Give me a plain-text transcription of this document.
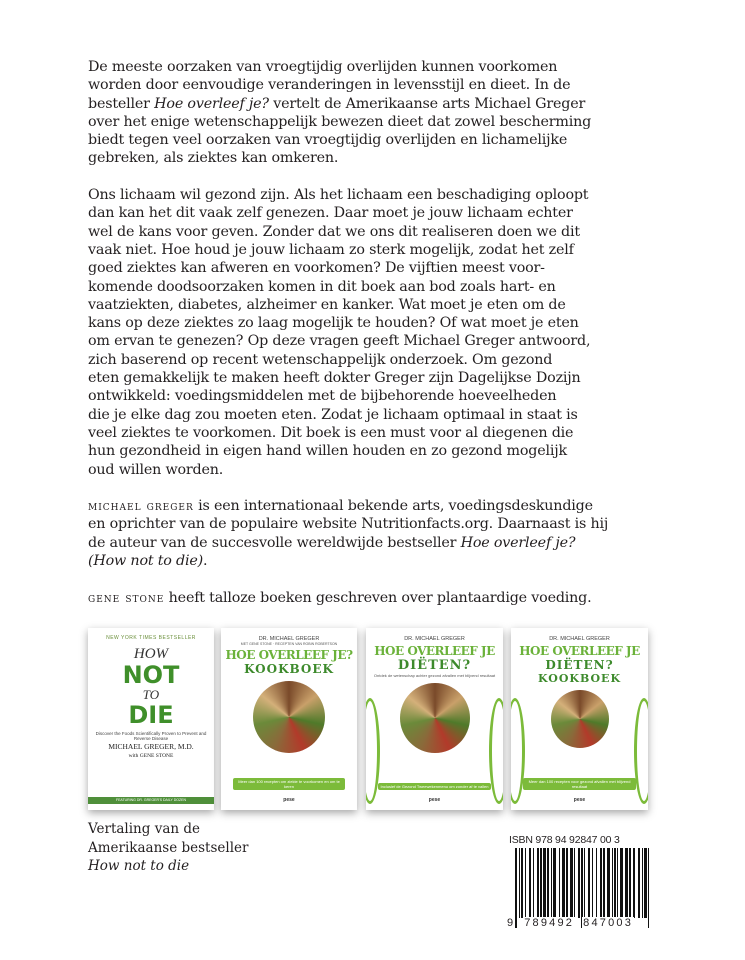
De meeste oorzaken van vroegtijdig overlijden kunnen voorkomen
worden door eenvoudige veranderingen in levensstijl en dieet. In de
besteller Hoe overleef je? vertelt de Amerikaanse arts Michael Greger
over het enige wetenschappelijk bewezen dieet dat zowel bescherming
biedt tegen veel oorzaken van vroegtijdig overlijden en lichamelijke
gebreken, als ziektes kan omkeren.
Ons lichaam wil gezond zijn. Als het lichaam een beschadiging oploopt
dan kan het dit vaak zelf genezen. Daar moet je jouw lichaam echter
wel de kans voor geven. Zonder dat we ons dit realiseren doen we dit
vaak niet. Hoe houd je jouw lichaam zo sterk mogelijk, zodat het zelf
goed ziektes kan afweren en voorkomen? De vijftien meest voor-
komende doodsoorzaken komen in dit boek aan bod zoals hart- en
vaatziekten, diabetes, alzheimer en kanker. Wat moet je eten om de
kans op deze ziektes zo laag mogelijk te houden? Of wat moet je eten
om ervan te genezen? Op deze vragen geeft Michael Greger antwoord,
zich baserend op recent wetenschappelijk onderzoek. Om gezond
eten gemakkelijk te maken heeft dokter Greger zijn Dagelijkse Dozijn
ontwikkeld: voedingsmiddelen met de bijbehorende hoeveelheden
die je elke dag zou moeten eten. Zodat je lichaam optimaal in staat is
veel ziektes te voorkomen. Dit boek is een must voor al diegenen die
hun gezondheid in eigen hand willen houden en zo gezond mogelijk
oud willen worden.
michael greger is een internationaal bekende arts, voedingsdeskundige
en oprichter van de populaire website Nutritionfacts.org. Daarnaast is hij
de auteur van de succesvolle wereldwijde bestseller Hoe overleef je?
(How not to die).
gene stone heeft talloze boeken geschreven over plantaardige voeding.
NEW YORK TIMES BESTSELLER
HOW
NOT
TO
DIE
Discover the Foods Scientifically Proven to Prevent and Reverse Disease
MICHAEL GREGER, M.D.
with GENE STONE
FEATURING DR. GREGER'S DAILY DOZEN
DR. MICHAEL GREGER
MET GENE STONE · RECEPTEN VAN ROBIN ROBERTSON
HOE OVERLEEF JE?
KOOKBOEK
Meer dan 100 recepten om ziekte te voorkomen en om te keren
pese
DR. MICHAEL GREGER
HOE OVERLEEF JE
DIËTEN?
Ontdek de wetenschap achter gezond afvallen met blijvend resultaat
Inclusief de Gezond Tweewekenmenu om zonder af te vallen
pese
DR. MICHAEL GREGER
HOE OVERLEEF JE
DIËTEN?
KOOKBOEK
Meer dan 100 recepten voor gezond afvallen met blijvend resultaat
pese
Vertaling van de
Amerikaanse bestseller
How not to die
ISBN 978 94 92847 00 3
9 789492 847003
